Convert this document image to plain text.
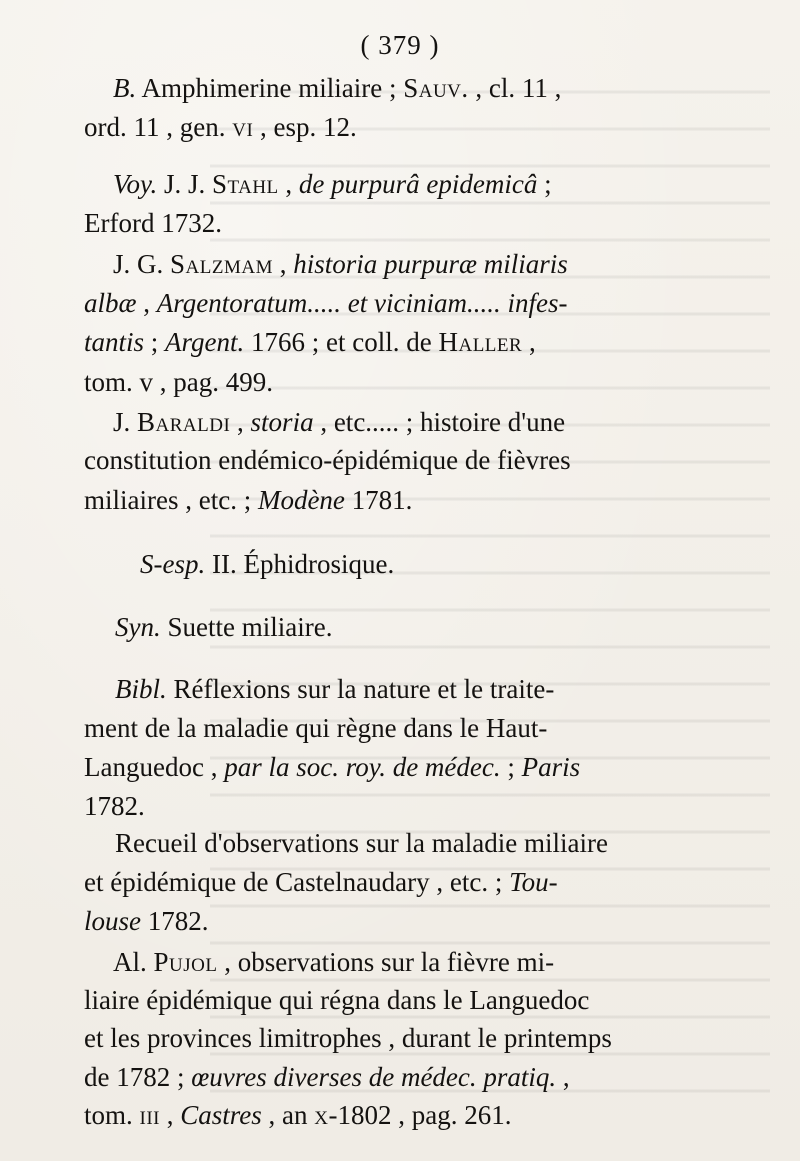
( 379 )
B. Amphimerine miliaire ; Sauv. , cl. 11 ,
ord. 11 , gen. vi , esp. 12.
Voy. J. J. Stahl , de purpurâ epidemicâ ;
Erford 1732.
J. G. Salzmam , historia purpuræ miliaris
albæ , Argentoratum..... et viciniam..... infes-
tantis ; Argent. 1766 ; et coll. de Haller ,
tom. v , pag. 499.
J. Baraldi , storia , etc..... ; histoire d'une
constitution endémico-épidémique de fièvres
miliaires , etc. ; Modène 1781.
S-esp. II. Éphidrosique.
Syn. Suette miliaire.
Bibl. Réflexions sur la nature et le traite-
ment de la maladie qui règne dans le Haut-
Languedoc , par la soc. roy. de médec. ; Paris
1782.
Recueil d'observations sur la maladie miliaire
et épidémique de Castelnaudary , etc. ; Tou-
louse 1782.
Al. Pujol , observations sur la fièvre mi-
liaire épidémique qui régna dans le Languedoc
et les provinces limitrophes , durant le printemps
de 1782 ; œuvres diverses de médec. pratiq. ,
tom. iii , Castres , an x-1802 , pag. 261.
